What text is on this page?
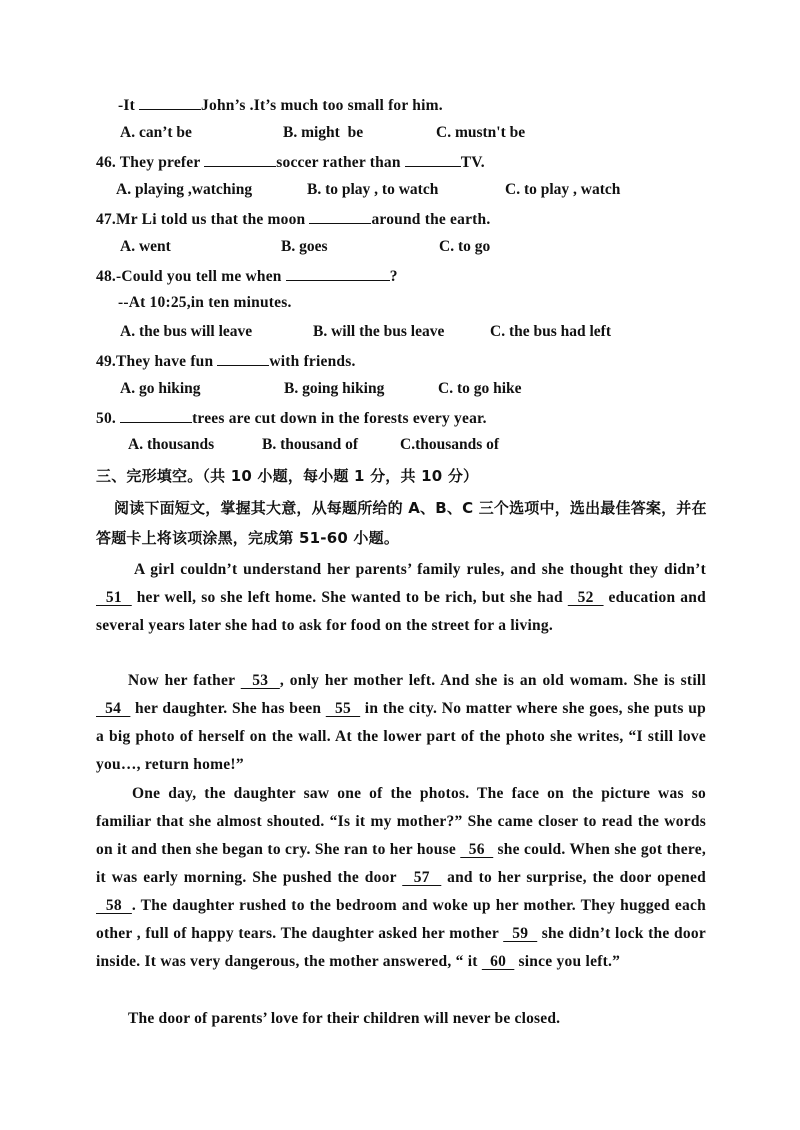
-It	John’s .It’s much too small for him.
A. can’t be	B. might  be	C. mustn't be
46. They prefer	soccer rather than	TV.
A. playing ,watching	B. to play , to watch	C. to play , watch
47.Mr Li told us that the moon	around the earth.
A. went	B. goes	C. to go
48.-Could you tell me when	?
--At 10:25,in ten minutes.
A. the bus will leave	B. will the bus leave	C. the bus had left
49.They have fun	with friends.
A. go hiking	B. going hiking	C. to go hike
50.	trees are cut down in the forests every year.
A. thousands	B. thousand of	C.thousands of
三、完形填空。（共 10 小题，每小题 1 分，共 10 分）
阅读下面短文，掌握其大意，从每题所给的 A、B、C 三个选项中，选出最佳答案，并在
答题卡上将该项涂黑，完成第 51-60 小题。
A girl couldn’t understand her parents’ family rules, and she thought they didn’t   51   her well, so she left home. She wanted to be rich, but she had   52   education and several years later she had to ask for food on the street for a living.
Now her father   53  , only her mother left. And she is an old womam. She is still   54   her daughter. She has been   55   in the city. No matter where she goes, she puts up a big photo of herself on the wall. At the lower part of the photo she writes, “I still love you…, return home!”
One day, the daughter saw one of the photos. The face on the picture was so familiar that she almost shouted. “Is it my mother?” She came closer to read the words on it and then she began to cry. She ran to her house   56   she could. When she got there, it was early morning. She pushed the door   57   and to her surprise, the door opened   58  . The daughter rushed to the bedroom and woke up her mother. They hugged each other , full of happy tears. The daughter asked her mother   59   she didn’t lock the door inside. It was very dangerous, the mother answered, “ it   60   since you left.”
The door of parents’ love for their children will never be closed.
